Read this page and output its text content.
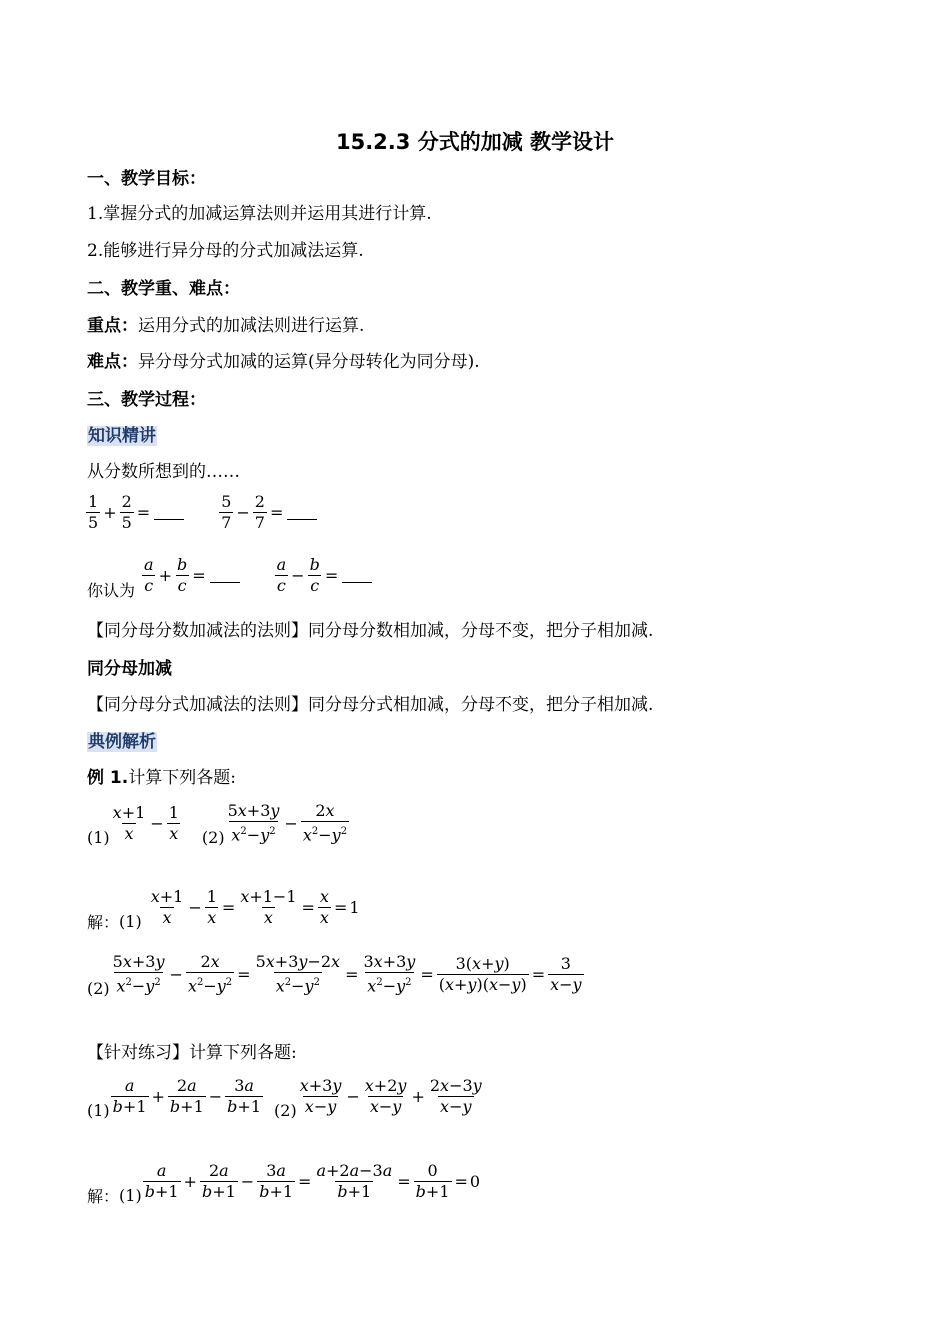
15.2.3 分式的加减 教学设计
一、教学目标：
1.掌握分式的加减运算法则并运用其进行计算.
2.能够进行异分母的分式加减法运算.
二、教学重、难点：
重点：运用分式的加减法则进行运算.
难点：异分母分式加减的运算(异分母转化为同分母).
三、教学过程：
知识精讲
从分数所想到的……
1
5
+ $\frac{2}{5}$ =
5
7
− $\frac{2}{7}$ =
你认为
a
c
+ $\frac{b}{c}$ =
a
c
− $\frac{b}{c}$ =
【同分母分数加减法的法则】同分母分数相加减，分母不变，把分子相加减.
同分母加减
【同分母分式加减法的法则】同分母分式相加减，分母不变，把分子相加减.
典例解析
例 1.计算下列各题:
(1)
x+1
x
− $\frac{1}{x} (2)$
5x+3y
$x^2-y^2 - \frac{2x}{x^2-y^2}$
解： (1)
x+1
x
− $\frac{1}{x} = \frac{x+1-1}{x} = \frac{x}{x} = 1$
(2)
5x+3y
$x^2-y^2 - \frac{2x}{x^2-y^2} = \frac{5x+3y-2x}{x^2-y^2} = \frac{3x+3y}{x^2-y^2} = \frac{3(x+y)}{(x+y)(x-y)} = \frac{3}{x-y}$
【针对练习】计算下列各题:
(1)
a
b+1
+ $\frac{2a}{b+1} - \frac{3a}{b+1} (2)$
x+3y
x−y
− $\frac{x+2y}{x-y} + \frac{2x-3y}{x-y}$
解： (1)
a
b+1
+ $\frac{2a}{b+1} - \frac{3a}{b+1} = \frac{a+2a-3a}{b+1} = \frac{0}{b+1} = 0$
